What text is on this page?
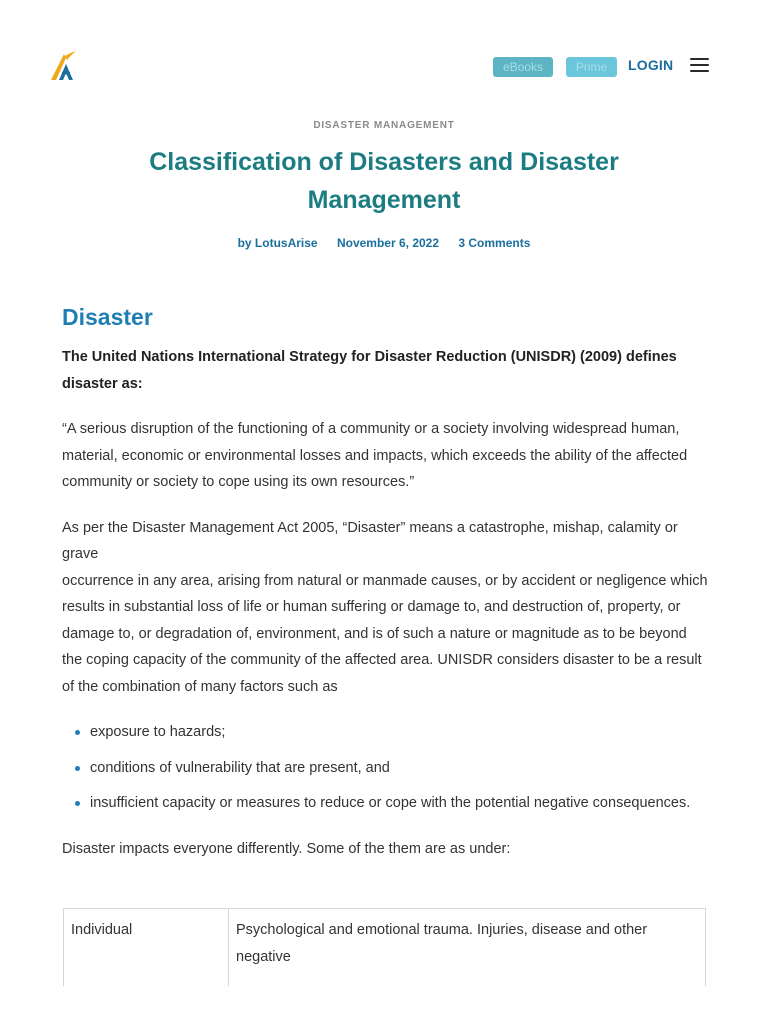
eBooks	Prime	LOGIN
DISASTER MANAGEMENT
Classification of Disasters and Disaster Management
by LotusArise November 6, 2022 3 Comments
Disaster

The United Nations International Strategy for Disaster Reduction (UNISDR) (2009) defines disaster as:

“A serious disruption of the functioning of a community or a society involving widespread human, material, economic or environmental losses and impacts, which exceeds the ability of the affected community or society to cope using its own resources.”

As per the Disaster Management Act 2005, “Disaster” means a catastrophe, mishap, calamity or grave
occurrence in any area, arising from natural or manmade causes, or by accident or negligence which results in substantial loss of life or human suffering or damage to, and destruction of, property, or damage to, or degradation of, environment, and is of such a nature or magnitude as to be beyond the coping capacity of the community of the affected area. UNISDR considers disaster to be a result of the combination of many factors such as

exposure to hazards;
conditions of vulnerability that are present, and
insufficient capacity or measures to reduce or cope with the potential negative consequences.

Disaster impacts everyone differently. Some of the them are as under:

Individual	Psychological and emotional trauma. Injuries, disease and other negative
